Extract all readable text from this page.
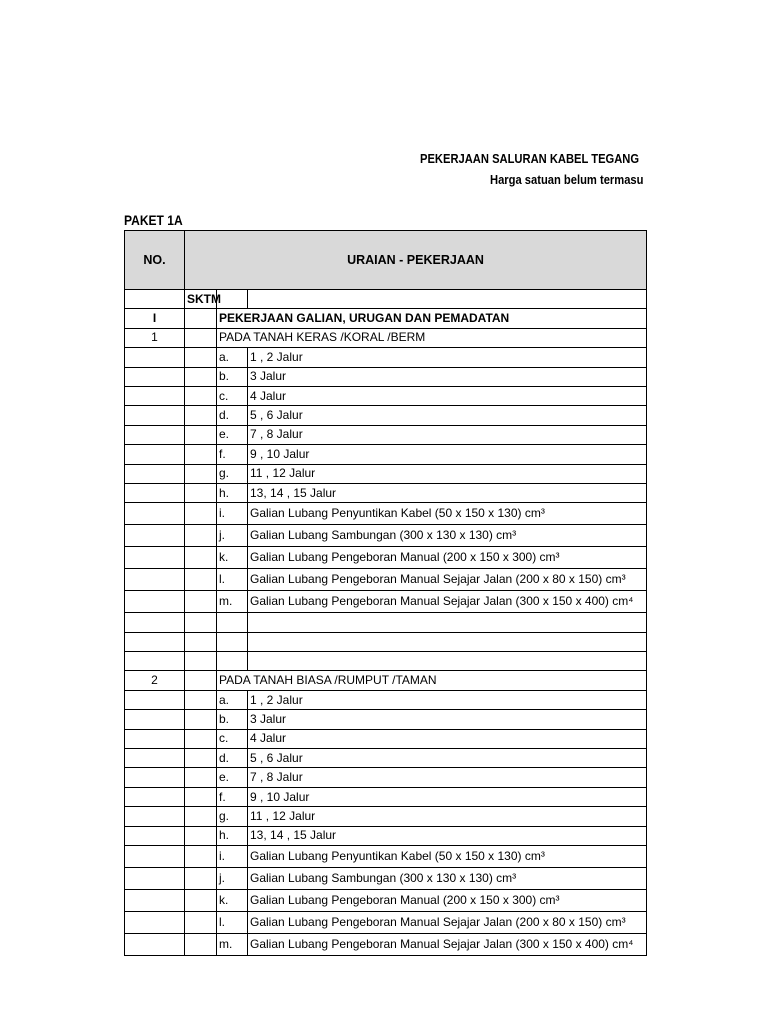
PEKERJAAN SALURAN KABEL TEGANG
Harga satuan belum termasu
PAKET 1A
NO.	URAIAN - PEKERJAAN		
	SKTM		
I		PEKERJAAN GALIAN, URUGAN DAN PEMADATAN	
1		PADA TANAH KERAS /KORAL /BERM	
		a.	1 , 2 Jalur
		b.	3 Jalur
		c.	4 Jalur
		d.	5 , 6 Jalur
		e.	7 , 8 Jalur
		f.	9 , 10 Jalur
		g.	11 , 12 Jalur
		h.	13, 14 , 15 Jalur
		i.	Galian Lubang Penyuntikan Kabel (50 x 150 x 130) cm³
		j.	Galian Lubang Sambungan (300 x 130 x 130) cm³
		k.	Galian Lubang Pengeboran Manual (200 x 150 x 300) cm³
		l.	Galian Lubang Pengeboran Manual Sejajar Jalan (200 x 80 x 150) cm³
		m.	Galian Lubang Pengeboran Manual Sejajar Jalan (300 x 150 x 400) cm⁴

2		PADA TANAH BIASA /RUMPUT /TAMAN	
		a.	1 , 2 Jalur
		b.	3 Jalur
		c.	4 Jalur
		d.	5 , 6 Jalur
		e.	7 , 8 Jalur
		f.	9 , 10 Jalur
		g.	11 , 12 Jalur
		h.	13, 14 , 15 Jalur
		i.	Galian Lubang Penyuntikan Kabel (50 x 150 x 130) cm³
		j.	Galian Lubang Sambungan (300 x 130 x 130) cm³
		k.	Galian Lubang Pengeboran Manual (200 x 150 x 300) cm³
		l.	Galian Lubang Pengeboran Manual Sejajar Jalan (200 x 80 x 150) cm³
		m.	Galian Lubang Pengeboran Manual Sejajar Jalan (300 x 150 x 400) cm⁴
